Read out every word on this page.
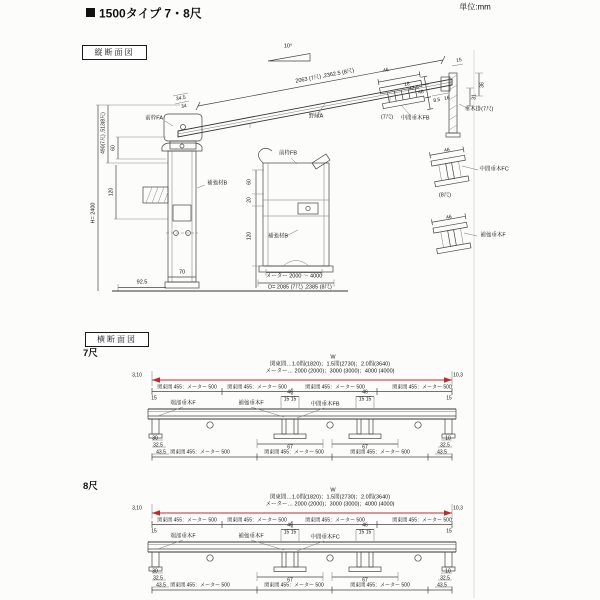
1500タイプ 7・8尺	単位:mm
縦断面図
横断面図
10°
2063 (7尺) ,2362.5 (8尺)
前枠FA
34.5
34
490(7尺) ,513(8尺) 60
120
H= 2400
92.5
70
補強材B
前枠FB
補強材B
60
20
120
メーター 2000 〜 4000
D= 2085 (7尺) ,2385 (8尺)
野縁A
46
18
42.5
46
(7尺) 中間垂木FB
15
8.5 16
36
31
垂木掛(7尺)
46
中間垂木FC
(8尺)
46
補強垂木F
7尺	W
関東間…1.0間(1820)；1.5間(2730)；2.0間(3640)
メーター… 2000 (2000)；3000 (3000)；4000 (4000)
3,10	10,3
関東間 455：メーター 500 関東間 455：メーター 500	関東間 455：メーター 500	関東間 455：メーター 500
15	15
46	46
15 15	15 15
端部垂木F	補強垂木F	中間垂木FB
67	67
30
32.5
43.5
10
32.5
43.5
関東間 455：メーター 500	関東間 455：メーター 500	関東間 455：メーター 500
8尺	W
関東間…1.0間(1820)；1.5間(2730)；2.0間(3640)
メーター… 2000 (2000)；3000 (3000)；4000 (4000)
3,10	10,3
関東間 455：メーター 500 関東間 455：メーター 500	関東間 455：メーター 500	関東間 455：メーター 500
15	15
46	46
15 15	15 15
端部垂木F	補強垂木F	中間垂木FC
67	67
30
32.5
43.5
10
32.5
43.5
関東間 455：メーター 500	関東間 455：メーター 500	関東間 455：メーター 500
